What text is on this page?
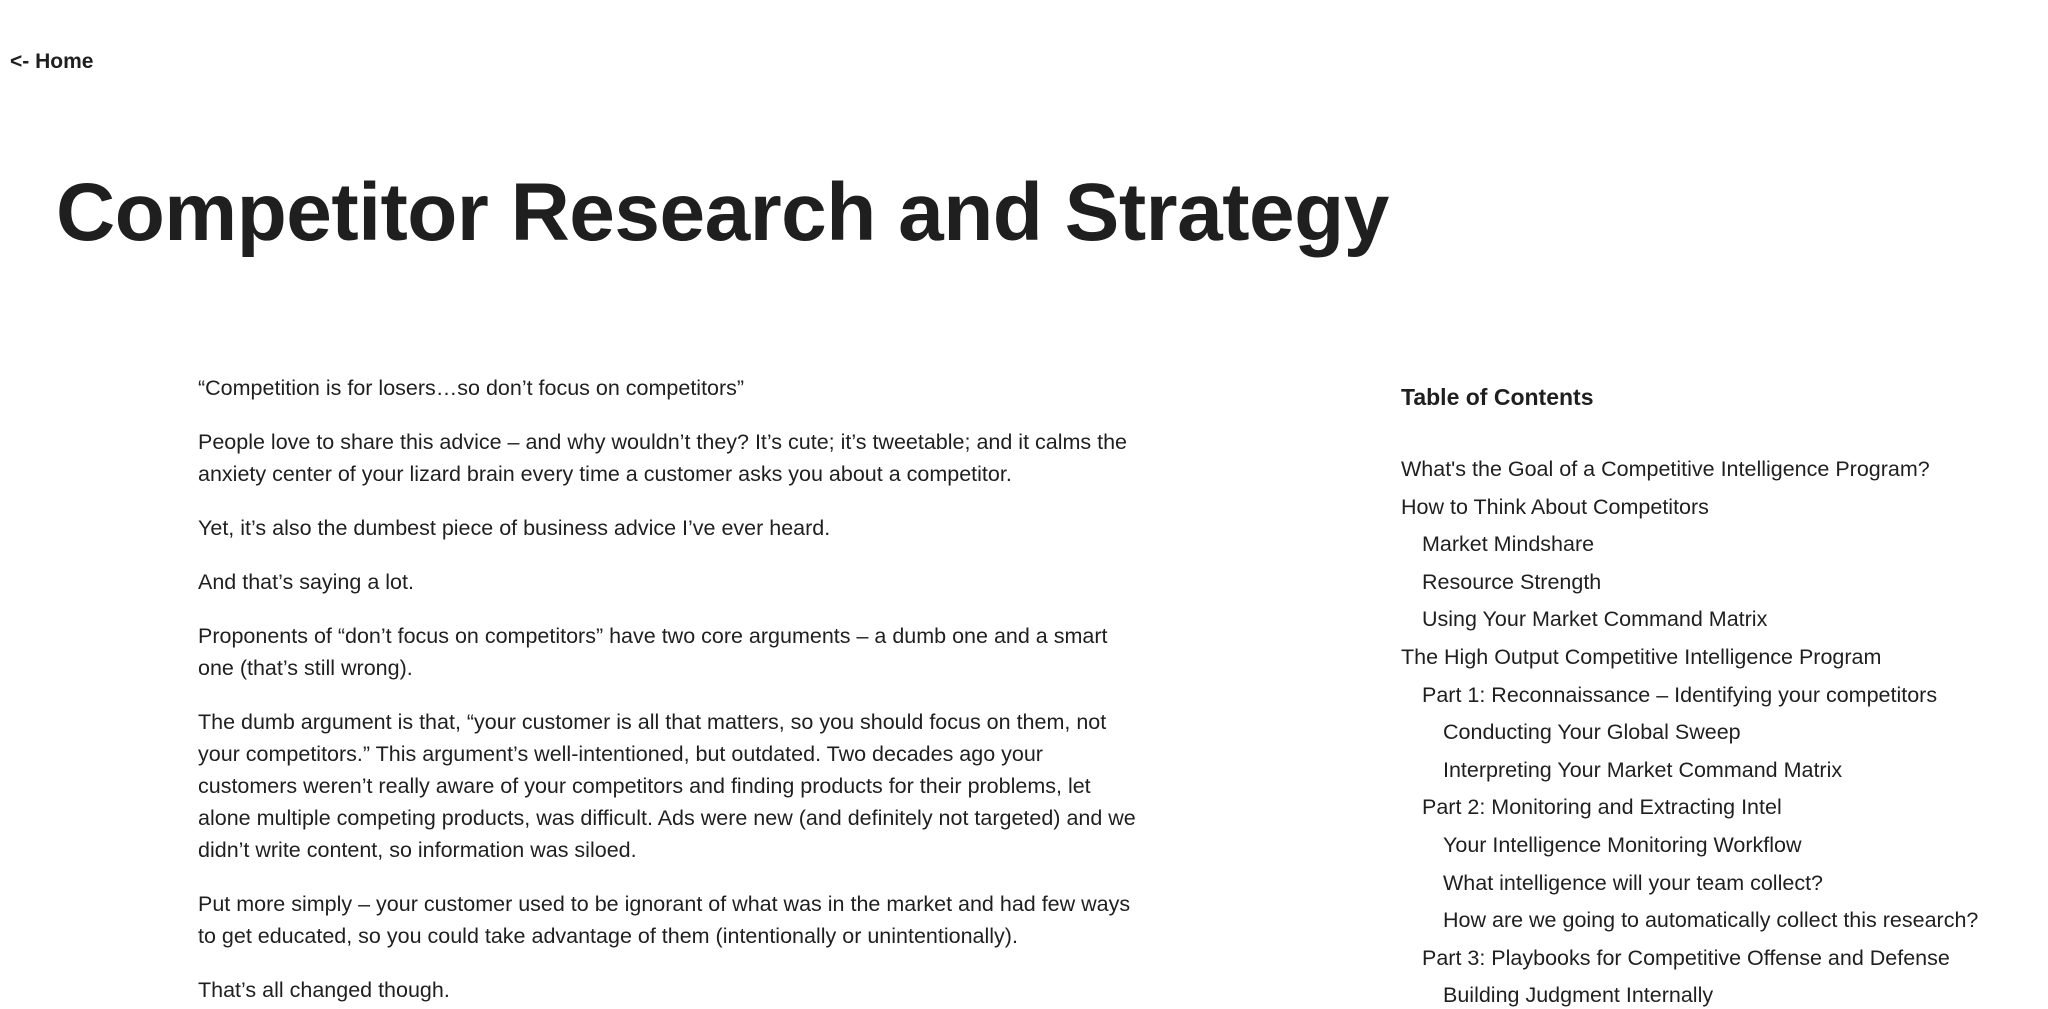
<- Home
Competitor Research and Strategy

“Competition is for losers…so don’t focus on competitors”

People love to share this advice – and why wouldn’t they? It’s cute; it’s tweetable; and it calms the anxiety center of your lizard brain every time a customer asks you about a competitor.

Yet, it’s also the dumbest piece of business advice I’ve ever heard.

And that’s saying a lot.

Proponents of “don’t focus on competitors” have two core arguments – a dumb one and a smart one (that’s still wrong).

The dumb argument is that, “your customer is all that matters, so you should focus on them, not your competitors.” This argument’s well-intentioned, but outdated. Two decades ago your customers weren’t really aware of your competitors and finding products for their problems, let alone multiple competing products, was difficult. Ads were new (and definitely not targeted) and we didn’t write content, so information was siloed.

Put more simply – your customer used to be ignorant of what was in the market and had few ways to get educated, so you could take advantage of them (intentionally or unintentionally).

That’s all changed though.

Table of Contents
What's the Goal of a Competitive Intelligence Program?
How to Think About Competitors
Market Mindshare
Resource Strength
Using Your Market Command Matrix
The High Output Competitive Intelligence Program
Part 1: Reconnaissance – Identifying your competitors
Conducting Your Global Sweep
Interpreting Your Market Command Matrix
Part 2: Monitoring and Extracting Intel
Your Intelligence Monitoring Workflow
What intelligence will your team collect?
How are we going to automatically collect this research?
Part 3: Playbooks for Competitive Offense and Defense
Building Judgment Internally
